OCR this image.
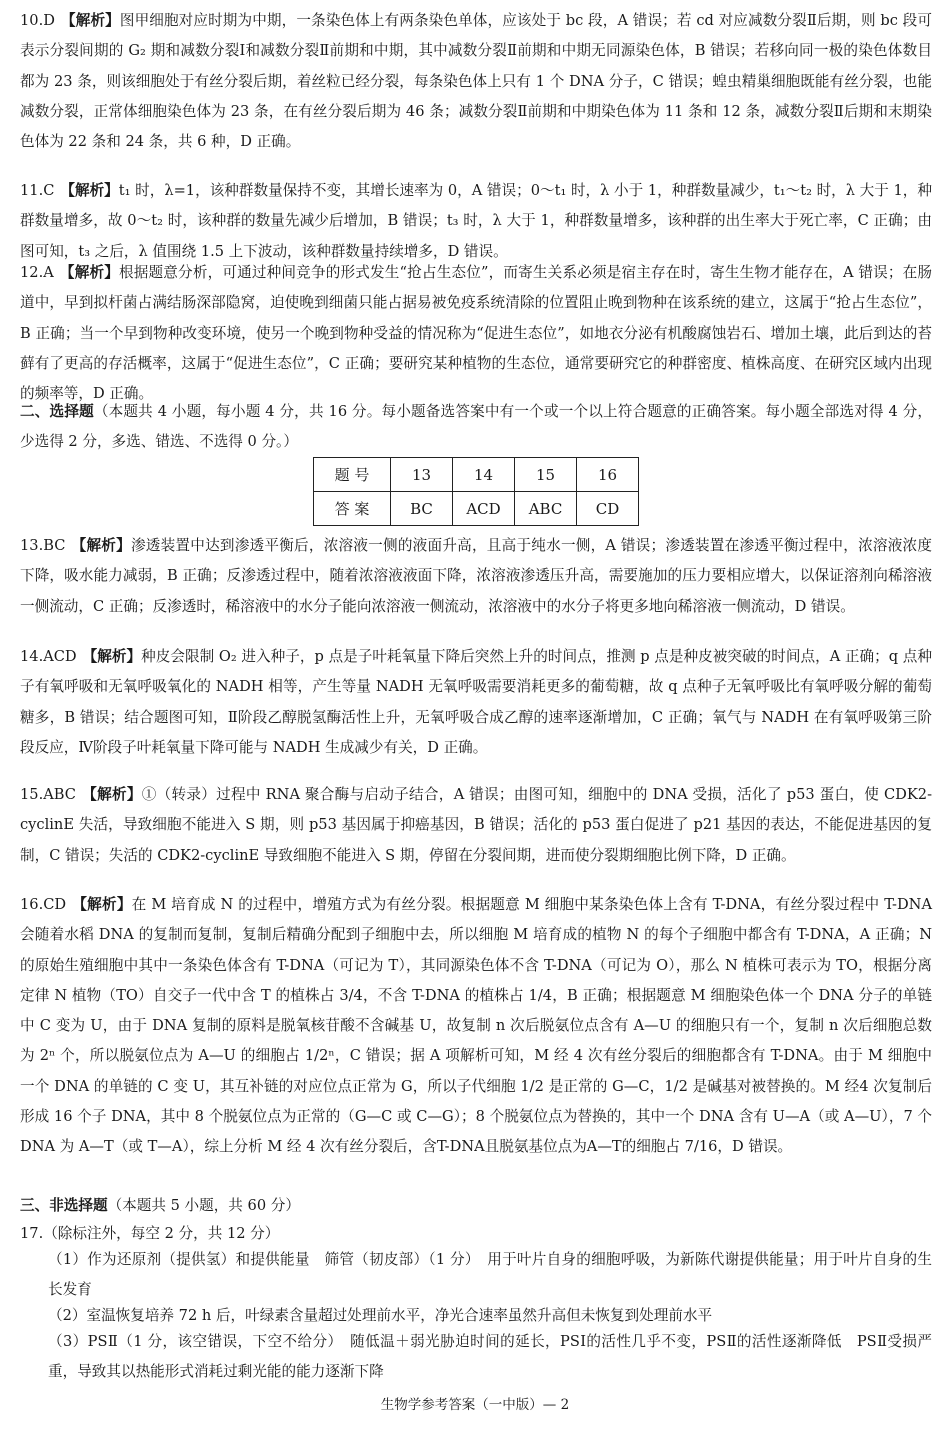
10.D 【解析】图甲细胞对应时期为中期，一条染色体上有两条染色单体，应该处于 bc 段，A 错误；若 cd 对应减数分裂Ⅱ后期，则 bc 段可表示分裂间期的 G₂ 期和减数分裂Ⅰ和减数分裂Ⅱ前期和中期，其中减数分裂Ⅱ前期和中期无同源染色体，B 错误；若移向同一极的染色体数目都为 23 条，则该细胞处于有丝分裂后期，着丝粒已经分裂，每条染色体上只有 1 个 DNA 分子，C 错误；蝗虫精巢细胞既能有丝分裂，也能减数分裂，正常体细胞染色体为 23 条，在有丝分裂后期为 46 条；减数分裂Ⅱ前期和中期染色体为 11 条和 12 条，减数分裂Ⅱ后期和末期染色体为 22 条和 24 条，共 6 种，D 正确。
11.C 【解析】t₁ 时，λ=1，该种群数量保持不变，其增长速率为 0，A 错误；0～t₁ 时，λ 小于 1，种群数量减少，t₁～t₂ 时，λ 大于 1，种群数量增多，故 0～t₂ 时，该种群的数量先减少后增加，B 错误；t₃ 时，λ 大于 1，种群数量增多，该种群的出生率大于死亡率，C 正确；由图可知，t₃ 之后，λ 值围绕 1.5 上下波动，该种群数量持续增多，D 错误。
12.A 【解析】根据题意分析，可通过种间竞争的形式发生“抢占生态位”，而寄生关系必须是宿主存在时，寄生生物才能存在，A 错误；在肠道中，早到拟杆菌占满结肠深部隐窝，迫使晚到细菌只能占据易被免疫系统清除的位置阻止晚到物种在该系统的建立，这属于“抢占生态位”，B 正确；当一个早到物种改变环境，使另一个晚到物种受益的情况称为“促进生态位”，如地衣分泌有机酸腐蚀岩石、增加土壤，此后到达的苔藓有了更高的存活概率，这属于“促进生态位”，C 正确；要研究某种植物的生态位，通常要研究它的种群密度、植株高度、在研究区域内出现的频率等，D 正确。
二、选择题（本题共 4 小题，每小题 4 分，共 16 分。每小题备选答案中有一个或一个以上符合题意的正确答案。每小题全部选对得 4 分，少选得 2 分，多选、错选、不选得 0 分。）
题 号	13	14	15	16
答 案	BC	ACD	ABC	CD
13.BC 【解析】渗透装置中达到渗透平衡后，浓溶液一侧的液面升高，且高于纯水一侧，A 错误；渗透装置在渗透平衡过程中，浓溶液浓度下降，吸水能力减弱，B 正确；反渗透过程中，随着浓溶液液面下降，浓溶液渗透压升高，需要施加的压力要相应增大，以保证溶剂向稀溶液一侧流动，C 正确；反渗透时，稀溶液中的水分子能向浓溶液一侧流动，浓溶液中的水分子将更多地向稀溶液一侧流动，D 错误。
14.ACD 【解析】种皮会限制 O₂ 进入种子，p 点是子叶耗氧量下降后突然上升的时间点，推测 p 点是种皮被突破的时间点，A 正确；q 点种子有氧呼吸和无氧呼吸氧化的 NADH 相等，产生等量 NADH 无氧呼吸需要消耗更多的葡萄糖，故 q 点种子无氧呼吸比有氧呼吸分解的葡萄糖多，B 错误；结合题图可知，Ⅱ阶段乙醇脱氢酶活性上升，无氧呼吸合成乙醇的速率逐渐增加，C 正确；氧气与 NADH 在有氧呼吸第三阶段反应，Ⅳ阶段子叶耗氧量下降可能与 NADH 生成减少有关，D 正确。
15.ABC 【解析】①（转录）过程中 RNA 聚合酶与启动子结合，A 错误；由图可知，细胞中的 DNA 受损，活化了 p53 蛋白，使 CDK2-cyclinE 失活，导致细胞不能进入 S 期，则 p53 基因属于抑癌基因，B 错误；活化的 p53 蛋白促进了 p21 基因的表达，不能促进基因的复制，C 错误；失活的 CDK2-cyclinE 导致细胞不能进入 S 期，停留在分裂间期，进而使分裂期细胞比例下降，D 正确。
16.CD 【解析】在 M 培育成 N 的过程中，增殖方式为有丝分裂。根据题意 M 细胞中某条染色体上含有 T-DNA，有丝分裂过程中 T-DNA 会随着水稻 DNA 的复制而复制，复制后精确分配到子细胞中去，所以细胞 M 培育成的植物 N 的每个子细胞中都含有 T-DNA，A 正确；N 的原始生殖细胞中其中一条染色体含有 T-DNA（可记为 T），其同源染色体不含 T-DNA（可记为 O），那么 N 植株可表示为 TO，根据分离定律 N 植物（TO）自交子一代中含 T 的植株占 3/4，不含 T-DNA 的植株占 1/4，B 正确；根据题意 M 细胞染色体一个 DNA 分子的单链中 C 变为 U，由于 DNA 复制的原料是脱氧核苷酸不含碱基 U，故复制 n 次后脱氨位点含有 A—U 的细胞只有一个，复制 n 次后细胞总数为 2ⁿ 个，所以脱氨位点为 A—U 的细胞占 1/2ⁿ，C 错误；据 A 项解析可知，M 经 4 次有丝分裂后的细胞都含有 T-DNA。由于 M 细胞中一个 DNA 的单链的 C 变 U，其互补链的对应位点正常为 G，所以子代细胞 1/2 是正常的 G—C，1/2 是碱基对被替换的。M 经4 次复制后形成 16 个子 DNA，其中 8 个脱氨位点为正常的（G—C 或 C—G）；8 个脱氨位点为替换的，其中一个 DNA 含有 U—A（或 A—U），7 个 DNA 为 A—T（或 T—A），综上分析 M 经 4 次有丝分裂后，含T-DNA且脱氨基位点为A—T的细胞占 7/16，D 错误。
三、非选择题（本题共 5 小题，共 60 分）
17.（除标注外，每空 2 分，共 12 分）
（1）作为还原剂（提供氢）和提供能量　筛管（韧皮部）（1 分）　用于叶片自身的细胞呼吸，为新陈代谢提供能量；用于叶片自身的生长发育
（2）室温恢复培养 72 h 后，叶绿素含量超过处理前水平，净光合速率虽然升高但未恢复到处理前水平
（3）PSⅡ（1 分，该空错误，下空不给分）　随低温＋弱光胁迫时间的延长，PSⅠ的活性几乎不变，PSⅡ的活性逐渐降低　PSⅡ受损严重，导致其以热能形式消耗过剩光能的能力逐渐下降
生物学参考答案（一中版）— 2
